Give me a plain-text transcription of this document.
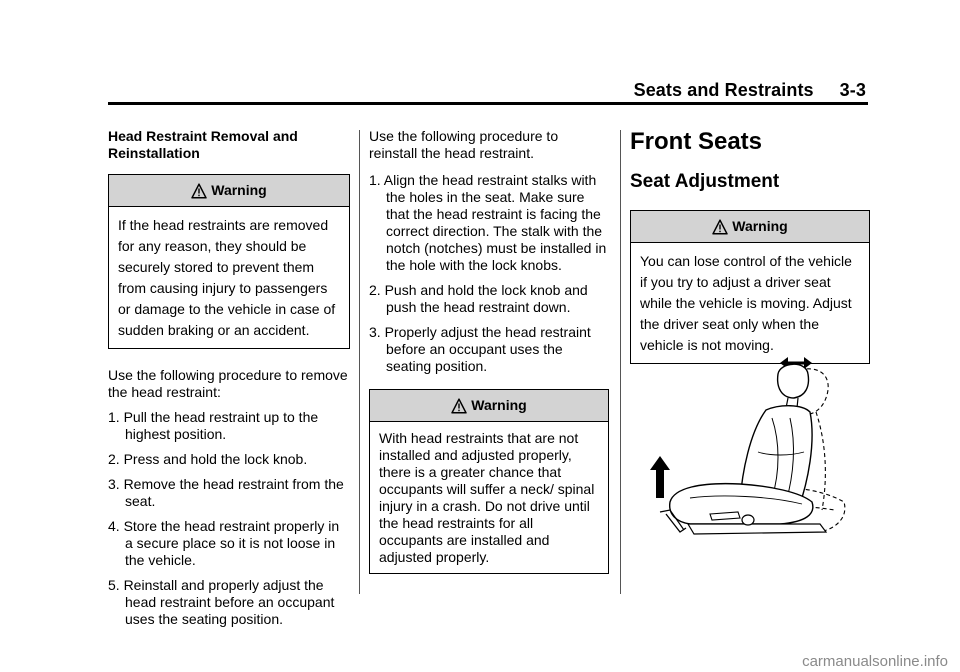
Seats and Restraints 3-3
Head Restraint Removal and Reinstallation
Warning
If the head restraints are removed for any reason, they should be securely stored to prevent them from causing injury to passengers or damage to the vehicle in case of sudden braking or an accident.
Use the following procedure to remove the head restraint:
1. Pull the head restraint up to the highest position.
2. Press and hold the lock knob.
3. Remove the head restraint from the seat.
4. Store the head restraint properly in a secure place so it is not loose in the vehicle.
5. Reinstall and properly adjust the head restraint before an occupant uses the seating position.
Use the following procedure to reinstall the head restraint.
1. Align the head restraint stalks with the holes in the seat. Make sure that the head restraint is facing the correct direction. The stalk with the notch (notches) must be installed in the hole with the lock knobs.
2. Push and hold the lock knob and push the head restraint down.
3. Properly adjust the head restraint before an occupant uses the seating position.
Warning
With head restraints that are not installed and adjusted properly, there is a greater chance that occupants will suffer a neck/ spinal injury in a crash. Do not drive until the head restraints for all occupants are installed and adjusted properly.
Front Seats
Seat Adjustment
Warning
You can lose control of the vehicle if you try to adjust a driver seat while the vehicle is moving. Adjust the driver seat only when the vehicle is not moving.
carmanualsonline.info
